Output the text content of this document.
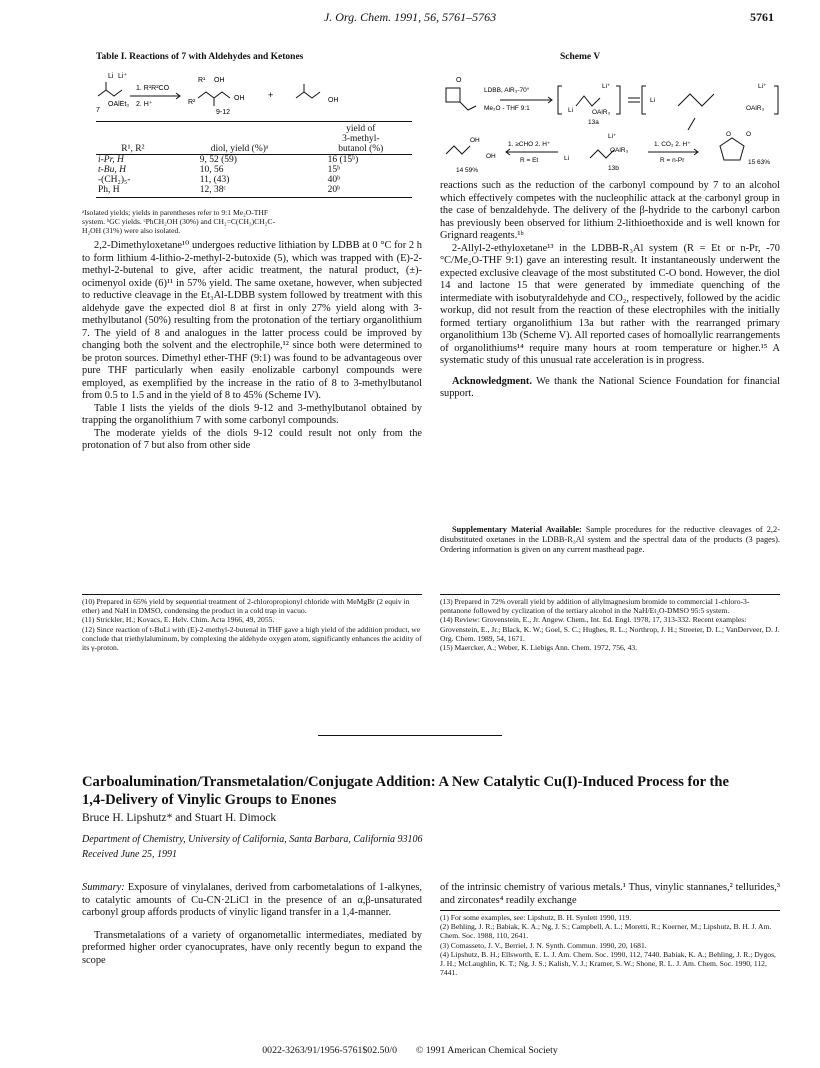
J. Org. Chem. 1991, 56, 5761–5763	5761
Table I. Reactions of 7 with Aldehydes and Ketones
Li Li⁺
OAlEt₃
7
1. R¹R²CO
2. H⁺
R¹ OH
R²
OH
9-12
+
OH
		yield of
		3-methyl-
R¹, R²	diol, yield (%)ᵃ	butanol (%)
i-Pr, H	9, 52 (59)	16 (15ᵇ)
t-Bu, H	10, 56	15ᵇ
-(CH₂)₅-	11, (43)	40ᵇ
Ph, H	12, 38ᶜ	20ᵇ
ᵃIsolated yields; yields in parentheses refer to 9:1 Me₂O-THF
system. ᵇGC yields. ᶜPhCH₂OH (30%) and CH₂=C(CH₃)CH₂C-
H₂OH (31%) were also isolated.

2,2-Dimethyloxetane¹⁰ undergoes reductive lithiation by LDBB at 0 °C for 2 h to form lithium 4-lithio-2-methyl-2-butoxide (5), which was trapped with (E)-2-methyl-2-butenal to give, after acidic treatment, the natural product, (±)-ocimenyol oxide (6)¹¹ in 57% yield. The same oxetane, however, when subjected to reductive cleavage in the Et₃Al-LDBB system followed by treatment with this aldehyde gave the expected diol 8 at first in only 27% yield along with 3-methylbutanol (50%) resulting from the protonation of the tertiary organolithium 7. The yield of 8 and analogues in the latter process could be improved by changing both the solvent and the electrophile,¹² since both were determined to be proton sources. Dimethyl ether-THF (9:1) was found to be advantageous over pure THF particularly when easily enolizable carbonyl compounds were employed, as exemplified by the increase in the ratio of 8 to 3-methylbutanol from 0.5 to 1.5 and in the yield of 8 to 45% (Scheme IV).

Table I lists the yields of the diols 9-12 and 3-methylbutanol obtained by trapping the organolithium 7 with some carbonyl compounds.

The moderate yields of the diols 9-12 could result not only from the protonation of 7 but also from other side

(10) Prepared in 65% yield by sequential treatment of 2-chloropropionyl chloride with MeMgBr (2 equiv in ether) and NaH in DMSO, condensing the product in a cold trap in vacuo.
(11) Strickler, H.; Kovacs, E. Helv. Chim. Acta 1966, 49, 2055.
(12) Since reaction of t-BuLi with (E)-2-methyl-2-butenal in THF gave a high yield of the addition product, we conclude that triethylaluminum, by complexing the aldehyde oxygen atom, significantly enhances the acidity of its γ-proton.
Scheme V
O
LDBB, AlR₃-70°
Me₂O - THF 9:1
Li⁺
Li	OAlR₃
13a
Li
Li⁺
OAlR₃
OH
OH
14 59%
1. ≥CHO 2. H⁺
R = Et	Li
Li⁺
OAlR₃
13b
1. CO₂ 2. H⁺
R = n-Pr
O O
15 63%

reactions such as the reduction of the carbonyl compound by 7 to an alcohol which effectively competes with the nucleophilic attack at the carbonyl group in the case of benzaldehyde. The delivery of the β-hydride to the carbonyl carbon has previously been observed for lithium 2-lithioethoxide and is well known for Grignard reagents.¹ᵇ

2-Allyl-2-ethyloxetane¹³ in the LDBB-R₃Al system (R = Et or n-Pr, -70 °C/Me₂O-THF 9:1) gave an interesting result. It instantaneously underwent the expected exclusive cleavage of the most substituted C-O bond. However, the diol 14 and lactone 15 that were generated by immediate quenching of the intermediate with isobutyraldehyde and CO₂, respectively, followed by the acidic workup, did not result from the reaction of these electrophiles with the initially formed tertiary organolithium 13a but rather with the rearranged primary organolithium 13b (Scheme V). All reported cases of homoallylic rearrangements of organolithiums¹⁴ require many hours at room temperature or higher.¹⁵ A systematic study of this unusual rate acceleration is in progress.

Acknowledgment. We thank the National Science Foundation for financial support.

Supplementary Material Available: Sample procedures for the reductive cleavages of 2,2-disubstituted oxetanes in the LDBB-R₃Al system and the spectral data of the products (3 pages). Ordering information is given on any current masthead page.
(13) Prepared in 72% overall yield by addition of allylmagnesium bromide to commercial 1-chloro-3-pentanone followed by cyclization of the tertiary alcohol in the NaH/Et₂O-DMSO 95:5 system.
(14) Review: Grovenstein, E., Jr. Angew. Chem., Int. Ed. Engl. 1978, 17, 313-332. Recent examples: Grovenstein, E., Jr.; Black, K. W.; Goel, S. C.; Hughes, R. L.; Northrop, J. H.; Streeter, D. L.; VanDerveer, D. J. Org. Chem. 1989, 54, 1671.
(15) Maercker, A.; Weber, K. Liebigs Ann. Chem. 1972, 756, 43.
Carboalumination/Transmetalation/Conjugate Addition: A New Catalytic Cu(I)-Induced Process for the 1,4-Delivery of Vinylic Groups to Enones
Bruce H. Lipshutz* and Stuart H. Dimock
Department of Chemistry, University of California, Santa Barbara, California 93106
Received June 25, 1991

Summary: Exposure of vinylalanes, derived from carbometalations of 1-alkynes, to catalytic amounts of Cu-CN·2LiCl in the presence of an α,β-unsaturated carbonyl group affords products of vinylic ligand transfer in a 1,4-manner.

Transmetalations of a variety of organometallic intermediates, mediated by preformed higher order cyanocuprates, have only recently begun to expand the scope

of the intrinsic chemistry of various metals.¹ Thus, vinylic stannanes,² tellurides,³ and zirconates⁴ readily exchange

(1) For some examples, see: Lipshutz, B. H. Synlett 1990, 119.
(2) Behling, J. R.; Babiak, K. A.; Ng, J. S.; Campbell, A. L.; Moretti, R.; Koerner, M.; Lipshutz, B. H. J. Am. Chem. Soc. 1988, 110, 2641.
(3) Comasseto, J. V., Berriel, J. N. Synth. Commun. 1990, 20, 1681.
(4) Lipshutz, B. H.; Ellsworth, E. L. J. Am. Chem. Soc. 1990, 112, 7440. Babiak, K. A.; Behling, J. R.; Dygos, J. H.; McLaughlin, K. T.; Ng, J. S.; Kalish, V. J.; Kramer, S. W.; Shone, R. L. J. Am. Chem. Soc. 1990, 112, 7441.
0022-3263/91/1956-5761$02.50/0 © 1991 American Chemical Society
